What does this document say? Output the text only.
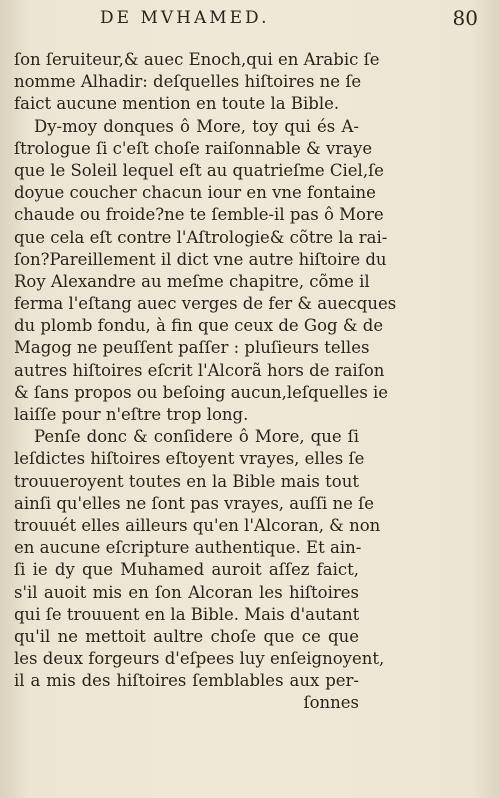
DE MVHAMED.	80
ſon ſeruiteur,& auec Enoch,qui en Arabic ſe
nomme Alhadir: deſquelles hiſtoires ne ſe
faict aucune mention en toute la Bible.
Dy-moy donques ô More, toy qui és A-
ſtrologue ſi c'eſt choſe raiſonnable & vraye
que le Soleil lequel eſt au quatrieſme Ciel,ſe
doyue coucher chacun iour en vne fontaine
chaude ou froide?ne te ſemble-il pas ô More
que cela eſt contre l'Aſtrologie& cõtre la rai-
ſon?Pareillement il dict vne autre hiſtoire du
Roy Alexandre au meſme chapitre, cõme il
ferma l'eſtang auec verges de fer & auecques
du plomb fondu, à fin que ceux de Gog & de
Magog ne peuſſent paſſer : pluſieurs telles
autres hiſtoires eſcrit l'Alcorã hors de raiſon
& ſans propos ou beſoing aucun,leſquelles ie
laiſſe pour n'eſtre trop long.
Penſe donc & conſidere ô More, que ſi
leſdictes hiſtoires eſtoyent vrayes, elles ſe
trouueroyent toutes en la Bible mais tout
ainſi qu'elles ne ſont pas vrayes, auſſi ne ſe
trouuét elles ailleurs qu'en l'Alcoran, & non
en aucune eſcripture authentique. Et ain-
ſi ie dy que Muhamed auroit aſſez faict,
s'il auoit mis en ſon Alcoran les hiſtoires
qui ſe trouuent en la Bible. Mais d'autant
qu'il ne mettoit aultre choſe que ce que
les deux forgeurs d'eſpees luy enſeignoyent,
il a mis des hiſtoires ſemblables aux per-
ſonnes
